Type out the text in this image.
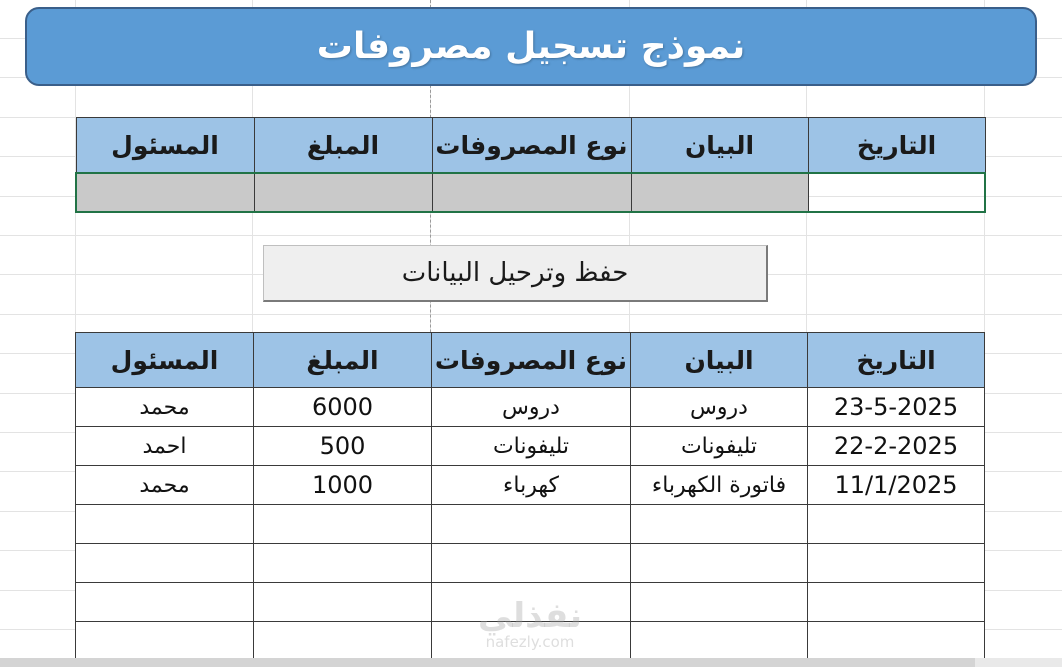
نموذج تسجيل مصروفات
التاريخ	البيان	نوع المصروفات	المبلغ	المسئول

حفظ وترحيل البيانات
التاريخ	البيان	نوع المصروفات	المبلغ	المسئول
23-5-2025	دروس	دروس	6000	محمد
22-2-2025	تليفونات	تليفونات	500	احمد
11/1/2025	فاتورة الكهرباء	كهرباء	1000	محمد

نفذلي
nafezly.com
